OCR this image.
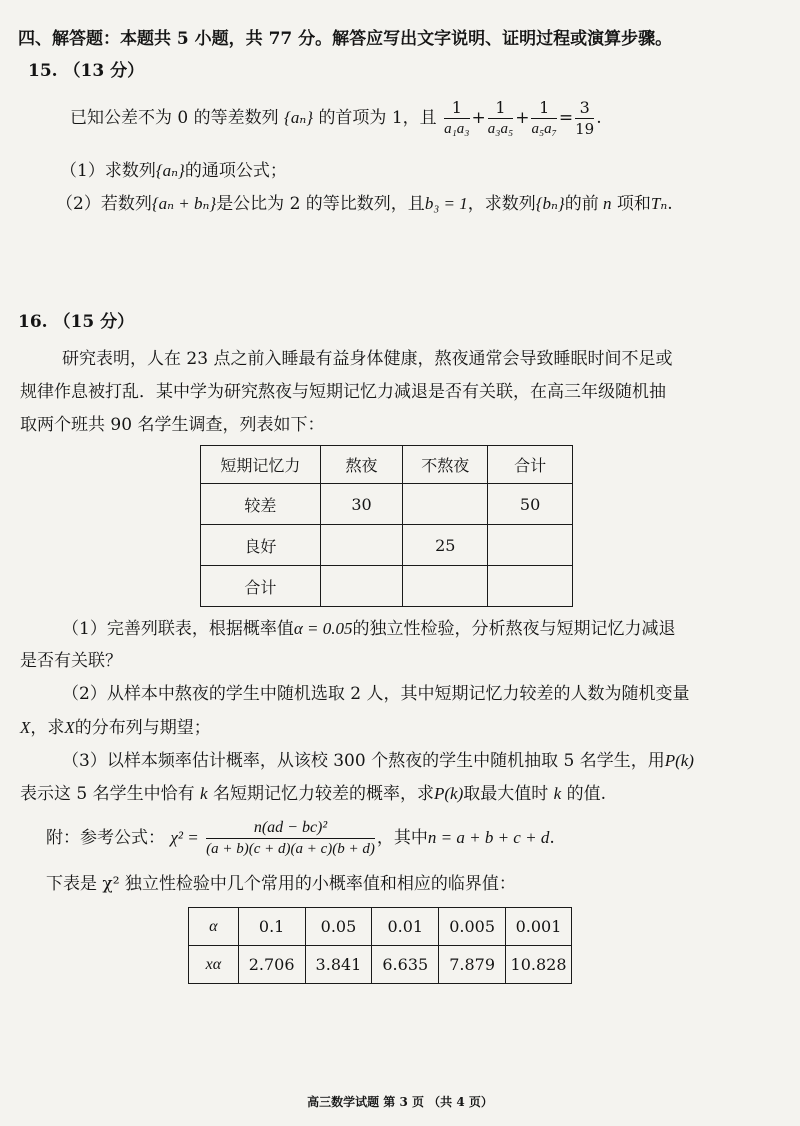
四、解答题：本题共 5 小题，共 77 分。解答应写出文字说明、证明过程或演算步骤。
15. （13 分）
已知公差不为 0 的等差数列 {aₙ} 的首项为 1，且 $\frac{1}{\text{a₁a₃}} + \frac{1}{\text{a₃a₅}} + \frac{1}{\text{a₅a₇}} = \frac{3}{19}$ .
（1）求数列{aₙ}的通项公式；
（2）若数列{aₙ + bₙ}是公比为 2 的等比数列，且b₃ = 1，求数列{bₙ}的前 n 项和Tₙ.
16. （15 分）
研究表明，人在 23 点之前入睡最有益身体健康，熬夜通常会导致睡眠时间不足或
规律作息被打乱．某中学为研究熬夜与短期记忆力减退是否有关联，在高三年级随机抽
取两个班共 90 名学生调查，列表如下：
短期记忆力	熬夜	不熬夜	合计
较差	30		50
良好		25	
合计			
（1）完善列联表，根据概率值α = 0.05的独立性检验，分析熬夜与短期记忆力减退
是否有关联？
（2）从样本中熬夜的学生中随机选取 2 人，其中短期记忆力较差的人数为随机变量
X，求X的分布列与期望；
（3）以样本频率估计概率，从该校 300 个熬夜的学生中随机抽取 5 名学生，用P(k)
表示这 5 名学生中恰有 k 名短期记忆力较差的概率，求P(k)取最大值时 k 的值.
附：参考公式： $\chi^2 = \frac{\text{n(ad − bc)²}}{(a + b)(c + d)(a + c)(b + d)}$ ，其中n = a + b + c + d.
下表是 χ² 独立性检验中几个常用的小概率值和相应的临界值：
α	0.1	0.05	0.01	0.005	0.001
xα	2.706	3.841	6.635	7.879	10.828
高三数学试题 第 3 页 （共 4 页）
